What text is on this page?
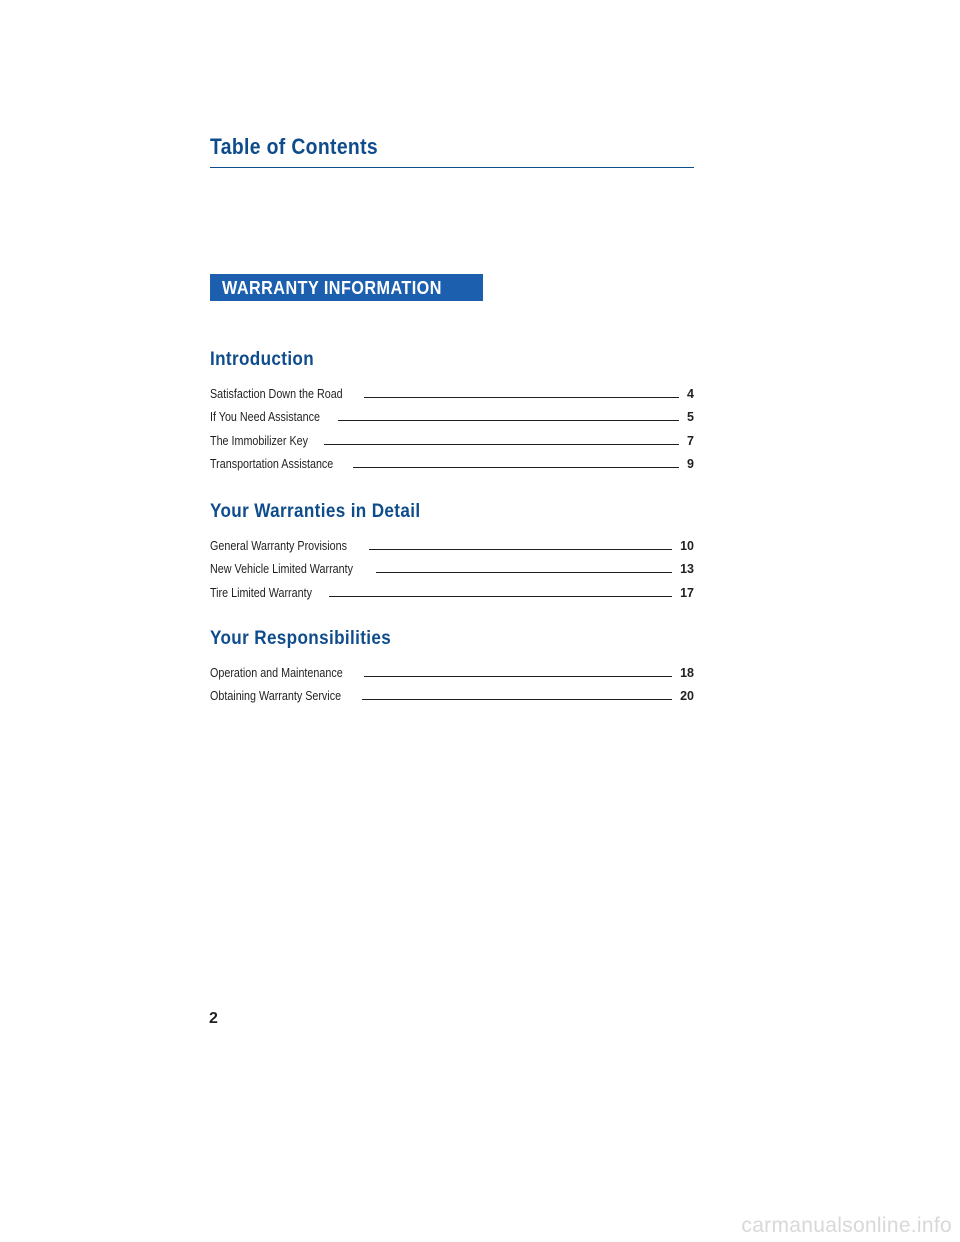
Table of Contents
WARRANTY INFORMATION
Introduction
Satisfaction Down the Road	4
If You Need Assistance	5
The Immobilizer Key	7
Transportation Assistance	9
Your Warranties in Detail
General Warranty Provisions	10
New Vehicle Limited Warranty	13
Tire Limited Warranty	17
Your Responsibilities
Operation and Maintenance	18
Obtaining Warranty Service	20
2
carmanualsonline.info
